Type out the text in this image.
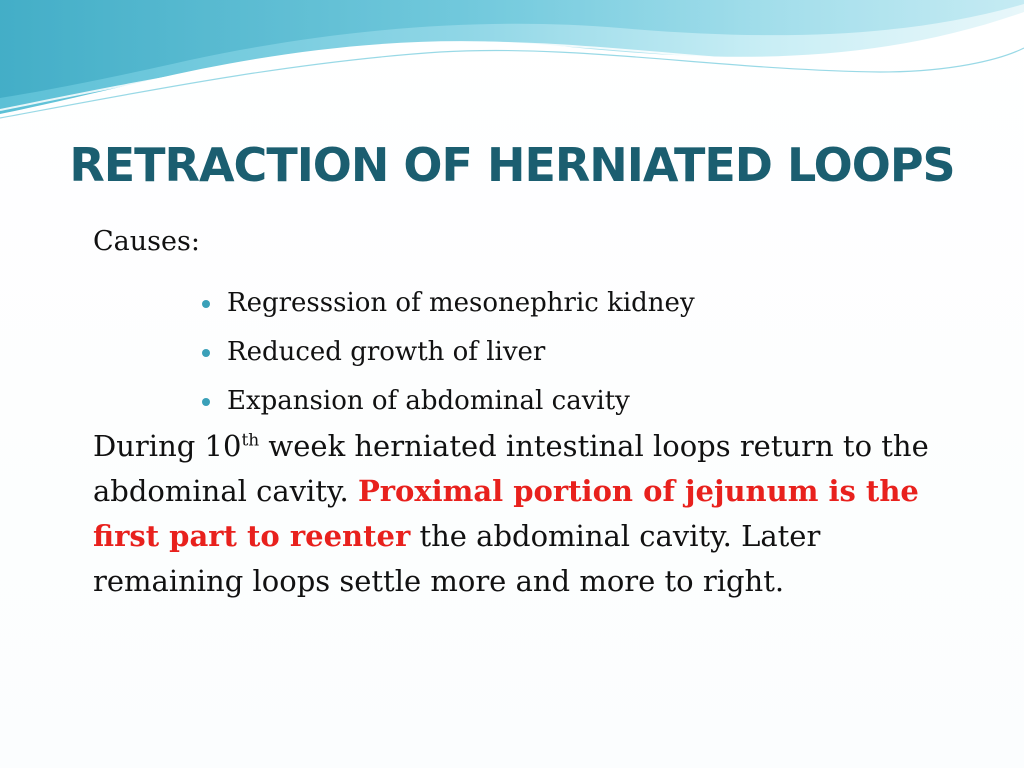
RETRACTION OF HERNIATED LOOPS

Causes:

Regresssion of mesonephric kidney
Reduced growth of liver
Expansion of abdominal cavity

During 10th week herniated intestinal loops return to the abdominal cavity. Proximal portion of jejunum is the first part to reenter the abdominal cavity. Later remaining loops settle more and more to right.
